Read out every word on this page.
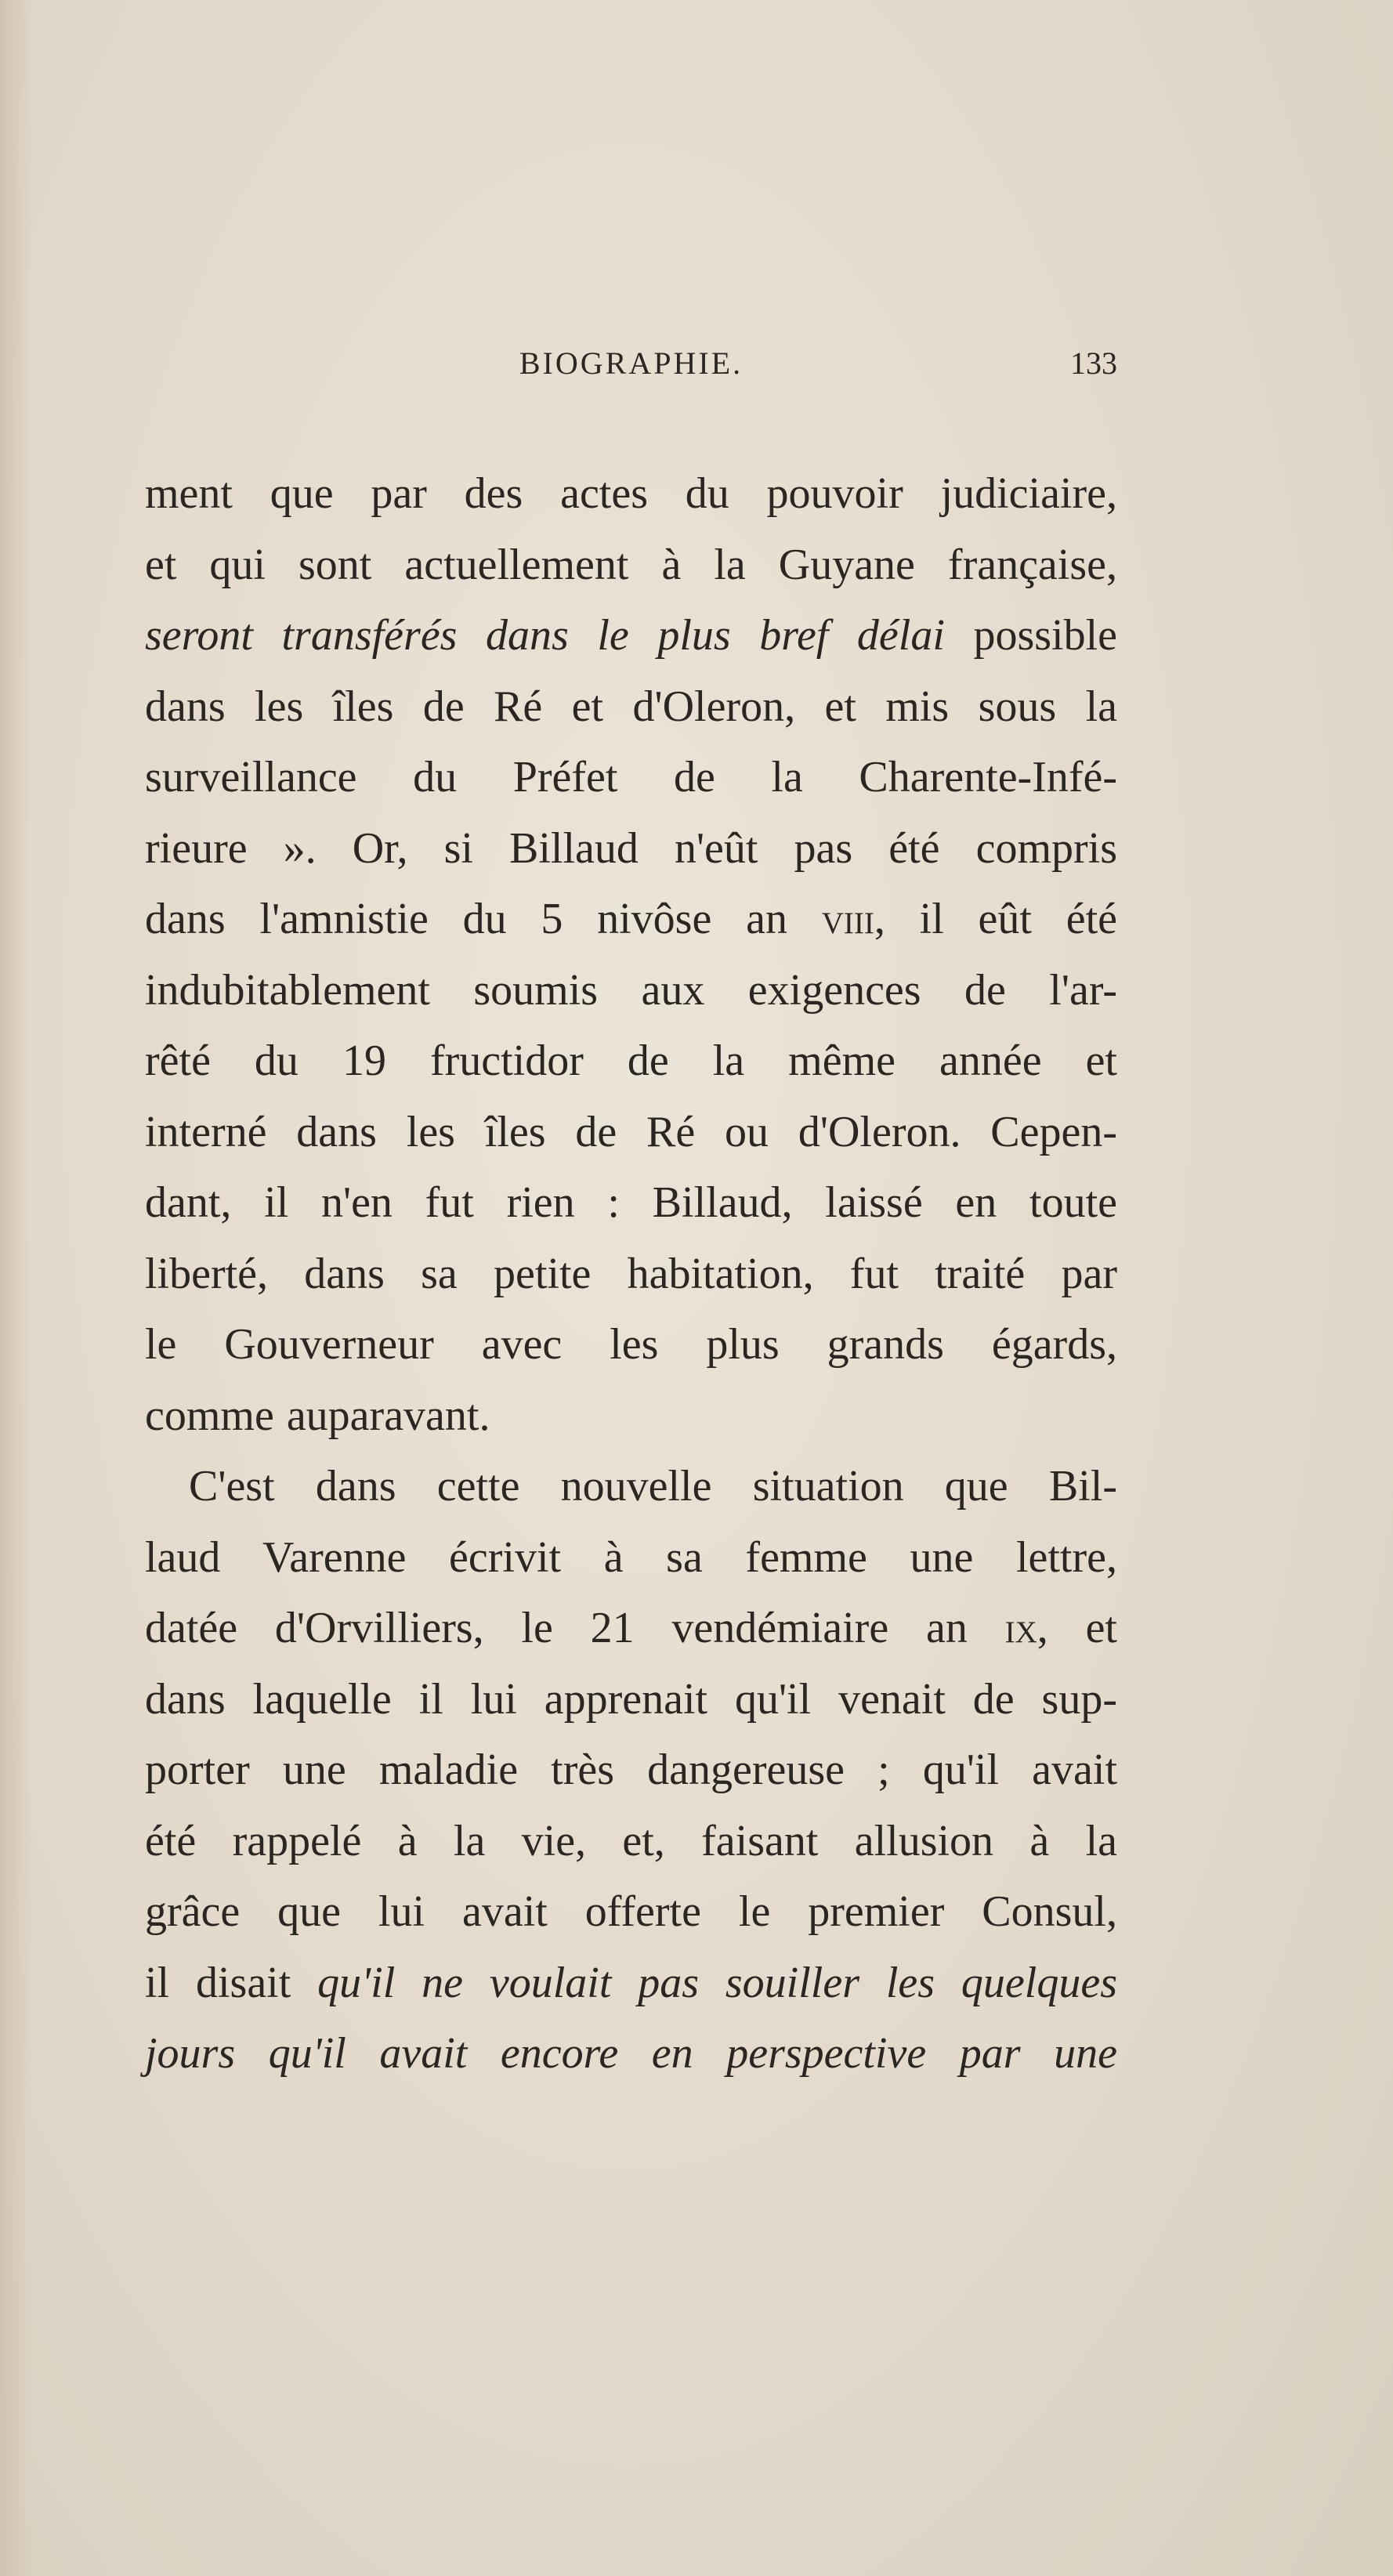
BIOGRAPHIE.	133
ment que par des actes du pouvoir judiciaire,
et qui sont actuellement à la Guyane française,
seront transférés dans le plus bref délai possible
dans les îles de Ré et d'Oleron, et mis sous la
surveillance du Préfet de la Charente-Infé-
rieure ». Or, si Billaud n'eût pas été compris
dans l'amnistie du 5 nivôse an viii, il eût été
indubitablement soumis aux exigences de l'ar-
rêté du 19 fructidor de la même année et
interné dans les îles de Ré ou d'Oleron. Cepen-
dant, il n'en fut rien : Billaud, laissé en toute
liberté, dans sa petite habitation, fut traité par
le Gouverneur avec les plus grands égards,
comme auparavant.
C'est dans cette nouvelle situation que Bil-
laud Varenne écrivit à sa femme une lettre,
datée d'Orvilliers, le 21 vendémiaire an ix, et
dans laquelle il lui apprenait qu'il venait de sup-
porter une maladie très dangereuse ; qu'il avait
été rappelé à la vie, et, faisant allusion à la
grâce que lui avait offerte le premier Consul,
il disait qu'il ne voulait pas souiller les quelques
jours qu'il avait encore en perspective par une
